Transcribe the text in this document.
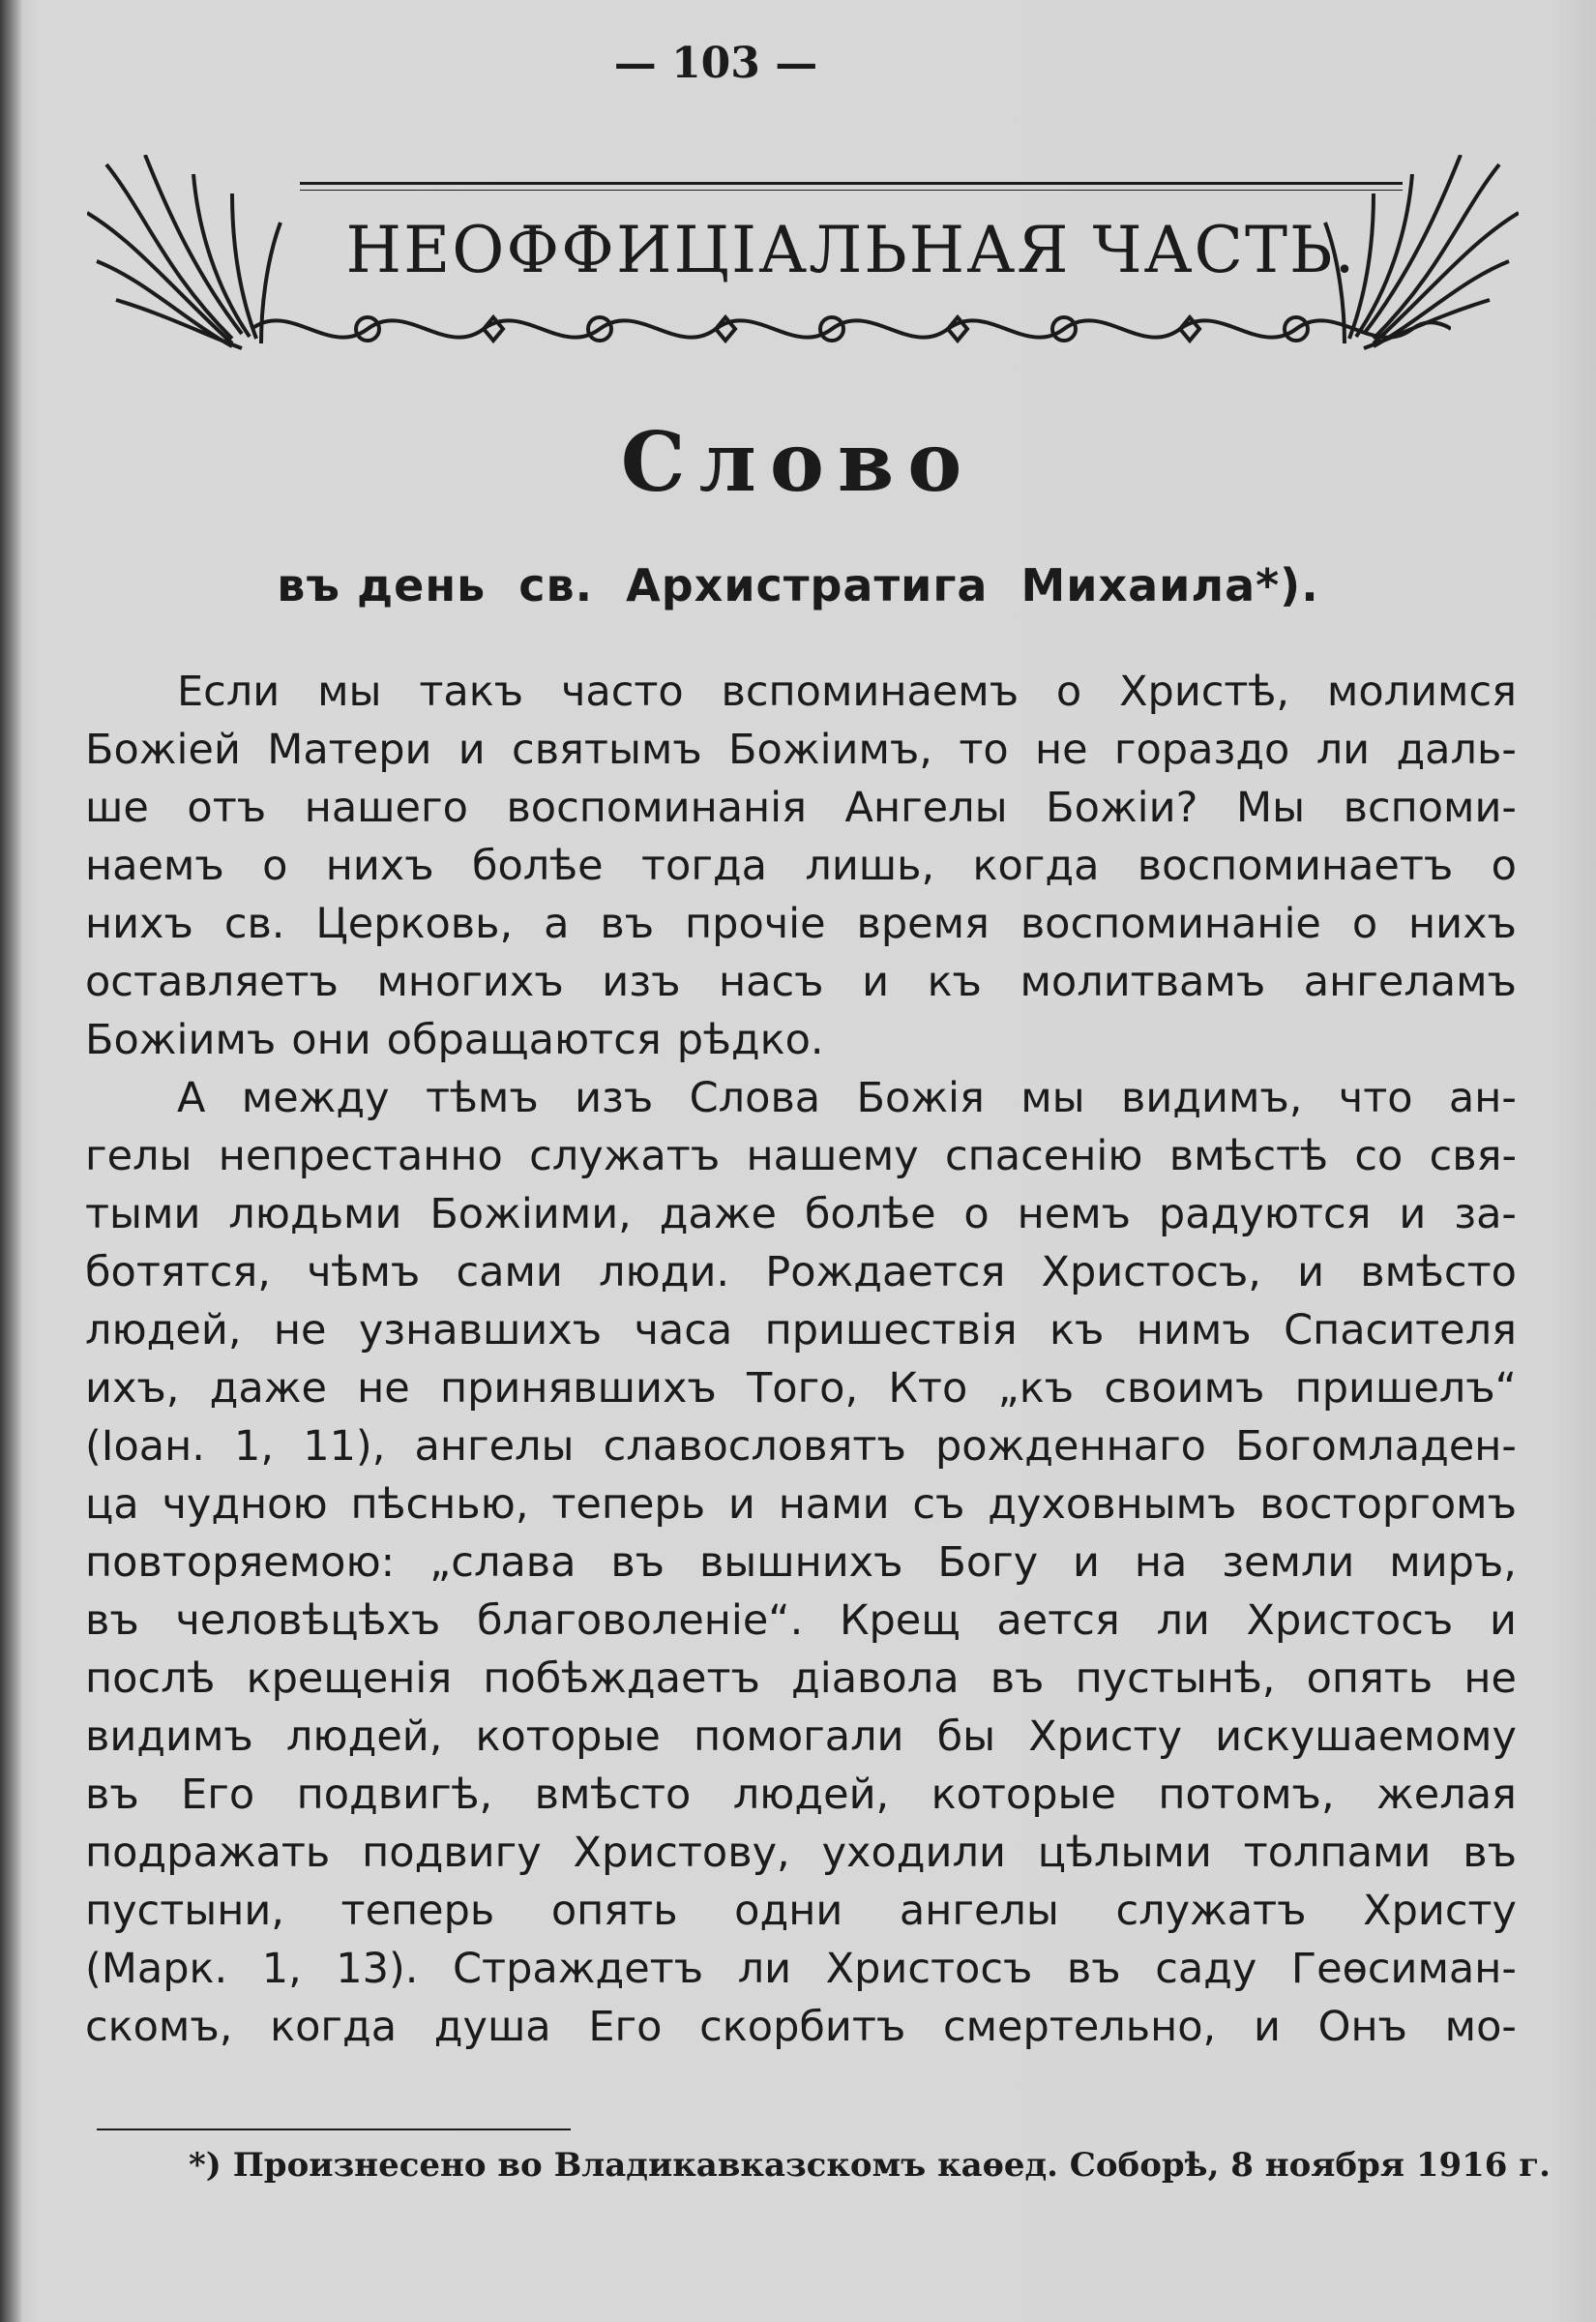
— 103 —
НЕОФФИЦІАЛЬНАЯ ЧАСТЬ.
Слово
въ день  св.  Архистратига  Михаила*).
Если мы такъ часто вспоминаемъ о Христѣ, молимся
Божіей Матери и святымъ Божіимъ, то не гораздо ли даль-
ше отъ нашего воспоминанія Ангелы Божіи? Мы вспоми-
наемъ о нихъ болѣе тогда лишь, когда воспоминаетъ о
нихъ св. Церковь, а въ прочіе время воспоминаніе о нихъ
оставляетъ многихъ изъ насъ и къ молитвамъ ангеламъ
Божіимъ они обращаются рѣдко.
А между тѣмъ изъ Слова Божія мы видимъ, что ан-
гелы непрестанно служатъ нашему спасенію вмѣстѣ со свя-
тыми людьми Божіими, даже болѣе о немъ радуются и за-
ботятся, чѣмъ сами люди. Рождается Христосъ, и вмѣсто
людей, не узнавшихъ часа пришествія къ нимъ Спасителя
ихъ, даже не принявшихъ Того, Кто „къ своимъ пришелъ“
(Іоан. 1, 11), ангелы славословятъ рожденнаго Богомладен-
ца чудною пѣснью, теперь и нами съ духовнымъ восторгомъ
повторяемою: „слава въ вышнихъ Богу и на земли миръ,
въ человѣцѣхъ благоволеніе“. Крещ ается ли Христосъ и
послѣ крещенія побѣждаетъ діавола въ пустынѣ, опять не
видимъ людей, которые помогали бы Христу искушаемому
въ Его подвигѣ, вмѣсто людей, которые потомъ, желая
подражать подвигу Христову, уходили цѣлыми толпами въ
пустыни, теперь опять одни ангелы служатъ Христу
(Марк. 1, 13). Страждетъ ли Христосъ въ саду Геѳсиман-
скомъ, когда душа Его скорбитъ смертельно, и Онъ мо-
*) Произнесено во Владикавказскомъ каѳед. Соборѣ, 8 ноября 1916 г.
